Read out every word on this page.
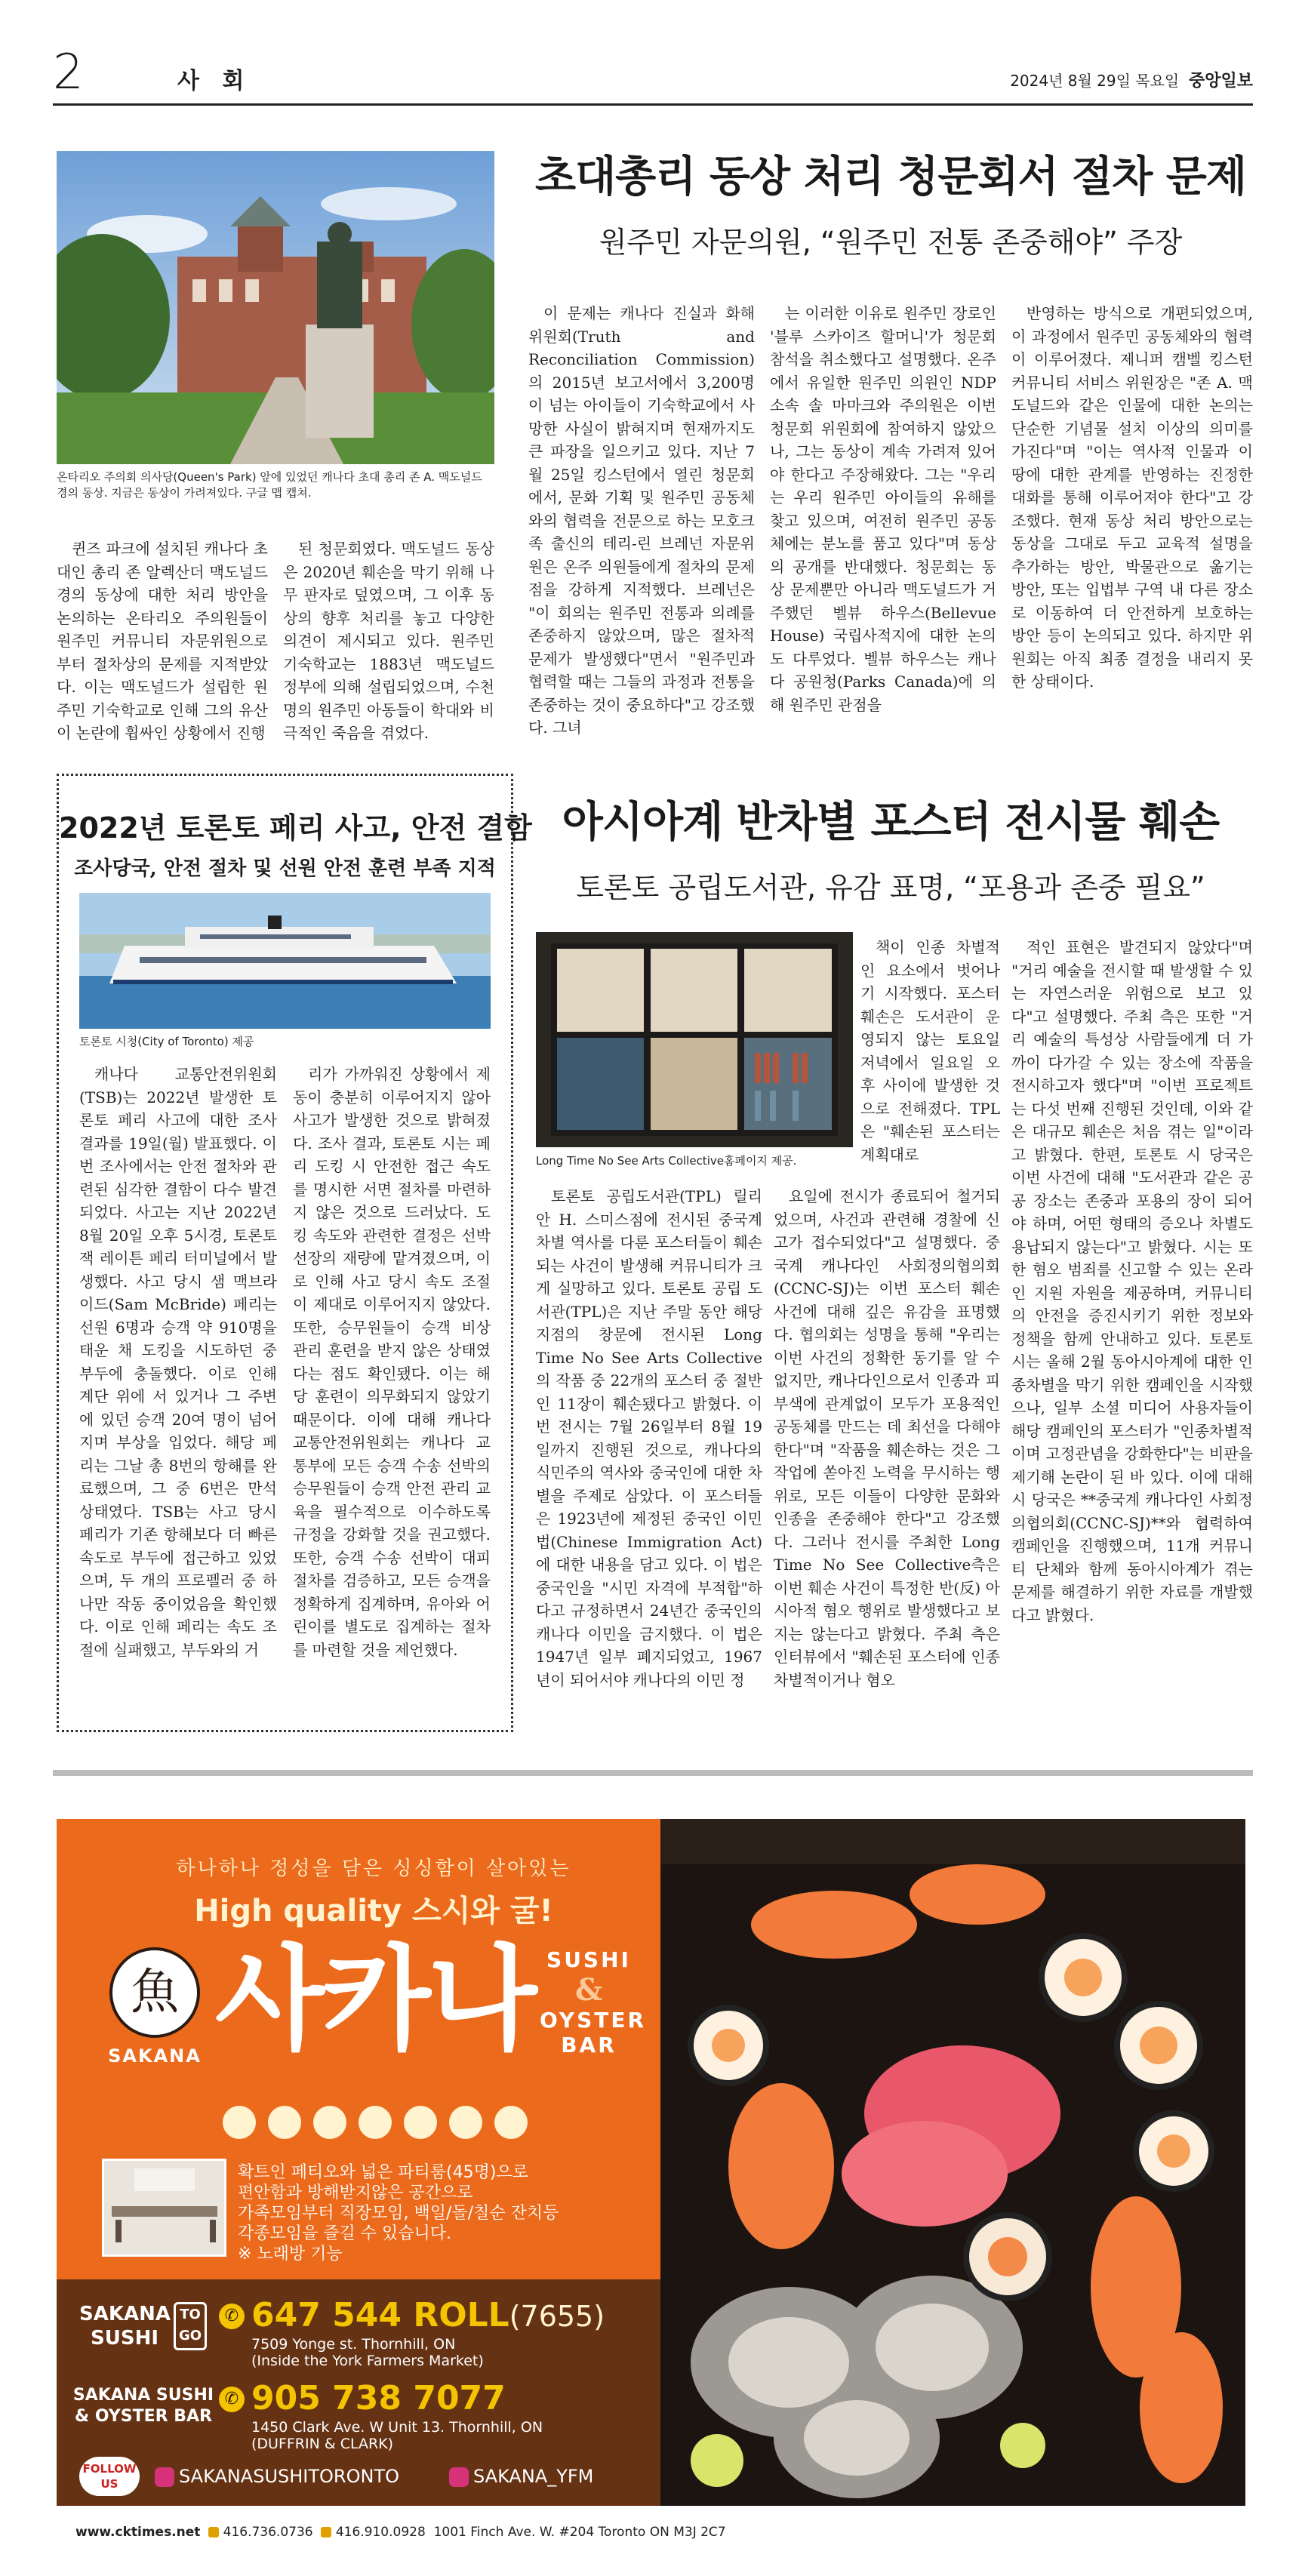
2	사 회	2024년 8월 29일 목요일 중앙일보
온타리오 주의회 의사당(Queen's Park) 앞에 있었던 캐나다 초대 총리 존 A. 맥도널드 경의 동상. 지금은 동상이 가려져있다. 구글 맵 캡쳐.
초대총리 동상 처리 청문회서 절차 문제
원주민 자문의원, “원주민 전통 존중해야” 주장

퀸즈 파크에 설치된 캐나다 초대인 총리 존 알렉산더 맥도널드 경의 동상에 대한 처리 방안을 논의하는 온타리오 주의원들이 원주민 커뮤니티 자문위원으로부터 절차상의 문제를 지적받았다. 이는 맥도널드가 설립한 원주민 기숙학교로 인해 그의 유산이 논란에 휩싸인 상황에서 진행

된 청문회였다. 맥도널드 동상은 2020년 훼손을 막기 위해 나무 판자로 덮였으며, 그 이후 동상의 향후 처리를 놓고 다양한 의견이 제시되고 있다. 원주민 기숙학교는 1883년 맥도널드 정부에 의해 설립되었으며, 수천 명의 원주민 아동들이 학대와 비극적인 죽음을 겪었다.

이 문제는 캐나다 진실과 화해 위원회(Truth and Reconciliation Commission)의 2015년 보고서에서 3,200명이 넘는 아이들이 기숙학교에서 사망한 사실이 밝혀지며 현재까지도 큰 파장을 일으키고 있다. 지난 7월 25일 킹스턴에서 열린 청문회에서, 문화 기획 및 원주민 공동체와의 협력을 전문으로 하는 모호크족 출신의 테리-린 브레넌 자문위원은 온주 의원들에게 절차의 문제점을 강하게 지적했다. 브레넌은 "이 회의는 원주민 전통과 의례를 존중하지 않았으며, 많은 절차적 문제가 발생했다"면서 "원주민과 협력할 때는 그들의 과정과 전통을 존중하는 것이 중요하다"고 강조했다. 그녀

는 이러한 이유로 원주민 장로인 '블루 스카이즈 할머니'가 청문회 참석을 취소했다고 설명했다. 온주에서 유일한 원주민 의원인 NDP 소속 솔 마마크와 주의원은 이번 청문회 위원회에 참여하지 않았으나, 그는 동상이 계속 가려져 있어야 한다고 주장해왔다. 그는 "우리는 우리 원주민 아이들의 유해를 찾고 있으며, 여전히 원주민 공동체에는 분노를 품고 있다"며 동상의 공개를 반대했다. 청문회는 동상 문제뿐만 아니라 맥도널드가 거주했던 벨뷰 하우스(Bellevue House) 국립사적지에 대한 논의도 다루었다. 벨뷰 하우스는 캐나다 공원청(Parks Canada)에 의해 원주민 관점을

반영하는 방식으로 개편되었으며, 이 과정에서 원주민 공동체와의 협력이 이루어졌다. 제니퍼 캠벨 킹스턴 커뮤니티 서비스 위원장은 "존 A. 맥도널드와 같은 인물에 대한 논의는 단순한 기념물 설치 이상의 의미를 가진다"며 "이는 역사적 인물과 이 땅에 대한 관계를 반영하는 진정한 대화를 통해 이루어져야 한다"고 강조했다. 현재 동상 처리 방안으로는 동상을 그대로 두고 교육적 설명을 추가하는 방안, 박물관으로 옮기는 방안, 또는 입법부 구역 내 다른 장소로 이동하여 더 안전하게 보호하는 방안 등이 논의되고 있다. 하지만 위원회는 아직 최종 결정을 내리지 못한 상태이다.

2022년 토론토 페리 사고, 안전 결함
조사당국, 안전 절차 및 선원 안전 훈련 부족 지적
토론토 시청(City of Toronto) 제공

캐나다 교통안전위원회(TSB)는 2022년 발생한 토론토 페리 사고에 대한 조사 결과를 19일(월) 발표했다. 이번 조사에서는 안전 절차와 관련된 심각한 결함이 다수 발견되었다. 사고는 지난 2022년 8월 20일 오후 5시경, 토론토 잭 레이튼 페리 터미널에서 발생했다. 사고 당시 샘 맥브라이드(Sam McBride) 페리는 선원 6명과 승객 약 910명을 태운 채 도킹을 시도하던 중 부두에 충돌했다. 이로 인해 계단 위에 서 있거나 그 주변에 있던 승객 20여 명이 넘어지며 부상을 입었다. 해당 페리는 그날 총 8번의 항해를 완료했으며, 그 중 6번은 만석 상태였다. TSB는 사고 당시 페리가 기존 항해보다 더 빠른 속도로 부두에 접근하고 있었으며, 두 개의 프로펠러 중 하나만 작동 중이었음을 확인했다. 이로 인해 페리는 속도 조절에 실패했고, 부두와의 거

리가 가까워진 상황에서 제동이 충분히 이루어지지 않아 사고가 발생한 것으로 밝혀졌다. 조사 결과, 토론토 시는 페리 도킹 시 안전한 접근 속도를 명시한 서면 절차를 마련하지 않은 것으로 드러났다. 도킹 속도와 관련한 결정은 선박 선장의 재량에 맡겨졌으며, 이로 인해 사고 당시 속도 조절이 제대로 이루어지지 않았다. 또한, 승무원들이 승객 비상 관리 훈련을 받지 않은 상태였다는 점도 확인됐다. 이는 해당 훈련이 의무화되지 않았기 때문이다. 이에 대해 캐나다 교통안전위원회는 캐나다 교통부에 모든 승객 수송 선박의 승무원들이 승객 안전 관리 교육을 필수적으로 이수하도록 규정을 강화할 것을 권고했다. 또한, 승객 수송 선박이 대피 절차를 검증하고, 모든 승객을 정확하게 집계하며, 유아와 어린이를 별도로 집계하는 절차를 마련할 것을 제언했다.

아시아계 반차별 포스터 전시물 훼손
토론토 공립도서관, 유감 표명, “포용과 존중 필요”
Long Time No See Arts Collective홈페이지 제공.

책이 인종 차별적인 요소에서 벗어나기 시작했다. 포스터 훼손은 도서관이 운영되지 않는 토요일 저녁에서 일요일 오후 사이에 발생한 것으로 전해졌다. TPL은 "훼손된 포스터는 계획대로

적인 표현은 발견되지 않았다"며 "거리 예술을 전시할 때 발생할 수 있는 자연스러운 위험으로 보고 있다"고 설명했다. 주최 측은 또한 "거리 예술의 특성상 사람들에게 더 가까이 다가갈 수 있는 장소에 작품을 전시하고자 했다"며 "이번 프로젝트는 다섯 번째 진행된 것인데, 이와 같은 대규모 훼손은 처음 겪는 일"이라고 밝혔다. 한편, 토론토 시 당국은 이번 사건에 대해 "도서관과 같은 공공 장소는 존중과 포용의 장이 되어야 하며, 어떤 형태의 증오나 차별도 용납되지 않는다"고 밝혔다. 시는 또한 혐오 범죄를 신고할 수 있는 온라인 지원 자원을 제공하며, 커뮤니티의 안전을 증진시키기 위한 정보와 정책을 함께 안내하고 있다. 토론토 시는 올해 2월 동아시아계에 대한 인종차별을 막기 위한 캠페인을 시작했으나, 일부 소셜 미디어 사용자들이 해당 캠페인의 포스터가 "인종차별적이며 고정관념을 강화한다"는 비판을 제기해 논란이 된 바 있다. 이에 대해 시 당국은 **중국계 캐나다인 사회정의협의회(CCNC-SJ)**와 협력하여 캠페인을 진행했으며, 11개 커뮤니티 단체와 함께 동아시아계가 겪는 문제를 해결하기 위한 자료를 개발했다고 밝혔다.

토론토 공립도서관(TPL) 릴리안 H. 스미스점에 전시된 중국계 차별 역사를 다룬 포스터들이 훼손되는 사건이 발생해 커뮤니티가 크게 실망하고 있다. 토론토 공립 도서관(TPL)은 지난 주말 동안 해당 지점의 창문에 전시된 Long Time No See Arts Collective의 작품 중 22개의 포스터 중 절반인 11장이 훼손됐다고 밝혔다. 이번 전시는 7월 26일부터 8월 19일까지 진행된 것으로, 캐나다의 식민주의 역사와 중국인에 대한 차별을 주제로 삼았다. 이 포스터들은 1923년에 제정된 중국인 이민법(Chinese Immigration Act)에 대한 내용을 담고 있다. 이 법은 중국인을 "시민 자격에 부적합"하다고 규정하면서 24년간 중국인의 캐나다 이민을 금지했다. 이 법은 1947년 일부 폐지되었고, 1967년이 되어서야 캐나다의 이민 정

요일에 전시가 종료되어 철거되었으며, 사건과 관련해 경찰에 신고가 접수되었다"고 설명했다. 중국계 캐나다인 사회정의협의회(CCNC-SJ)는 이번 포스터 훼손 사건에 대해 깊은 유감을 표명했다. 협의회는 성명을 통해 "우리는 이번 사건의 정확한 동기를 알 수 없지만, 캐나다인으로서 인종과 피부색에 관계없이 모두가 포용적인 공동체를 만드는 데 최선을 다해야 한다"며 "작품을 훼손하는 것은 그 작업에 쏟아진 노력을 무시하는 행위로, 모든 이들이 다양한 문화와 인종을 존중해야 한다"고 강조했다. 그러나 전시를 주최한 Long Time No See Collective측은 이번 훼손 사건이 특정한 반(反) 아시아적 혐오 행위로 발생했다고 보지는 않는다고 밝혔다. 주최 측은 인터뷰에서 "훼손된 포스터에 인종차별적이거나 혐오

하나하나 정성을 담은 싱싱함이 살아있는
High quality 스시와 굴!
魚
SAKANA 사카나 SUSHI
&
OYSTER
BAR
확트인 페티오와 넓은 파티룸(45명)으로
편안함과 방해받지않은 공간으로
가족모임부터 직장모임, 백일/돌/칠순 잔치등
각종모임을 즐길 수 있습니다.
※ 노래방 기능
SAKANA
SUSHI
TO
GO
✆ 647 544 ROLL(7655)
7509 Yonge st. Thornhill, ON
(Inside the York Farmers Market)
SAKANA SUSHI
& OYSTER BAR
✆ 905 738 7077
1450 Clark Ave. W Unit 13. Thornhill, ON
(DUFFRIN & CLARK)
FOLLOW
US	SAKANASUSHITORONTO	SAKANA_YFM
www.cktimes.net 416.736.0736 416.910.0928 1001 Finch Ave. W. #204 Toronto ON M3J 2C7
